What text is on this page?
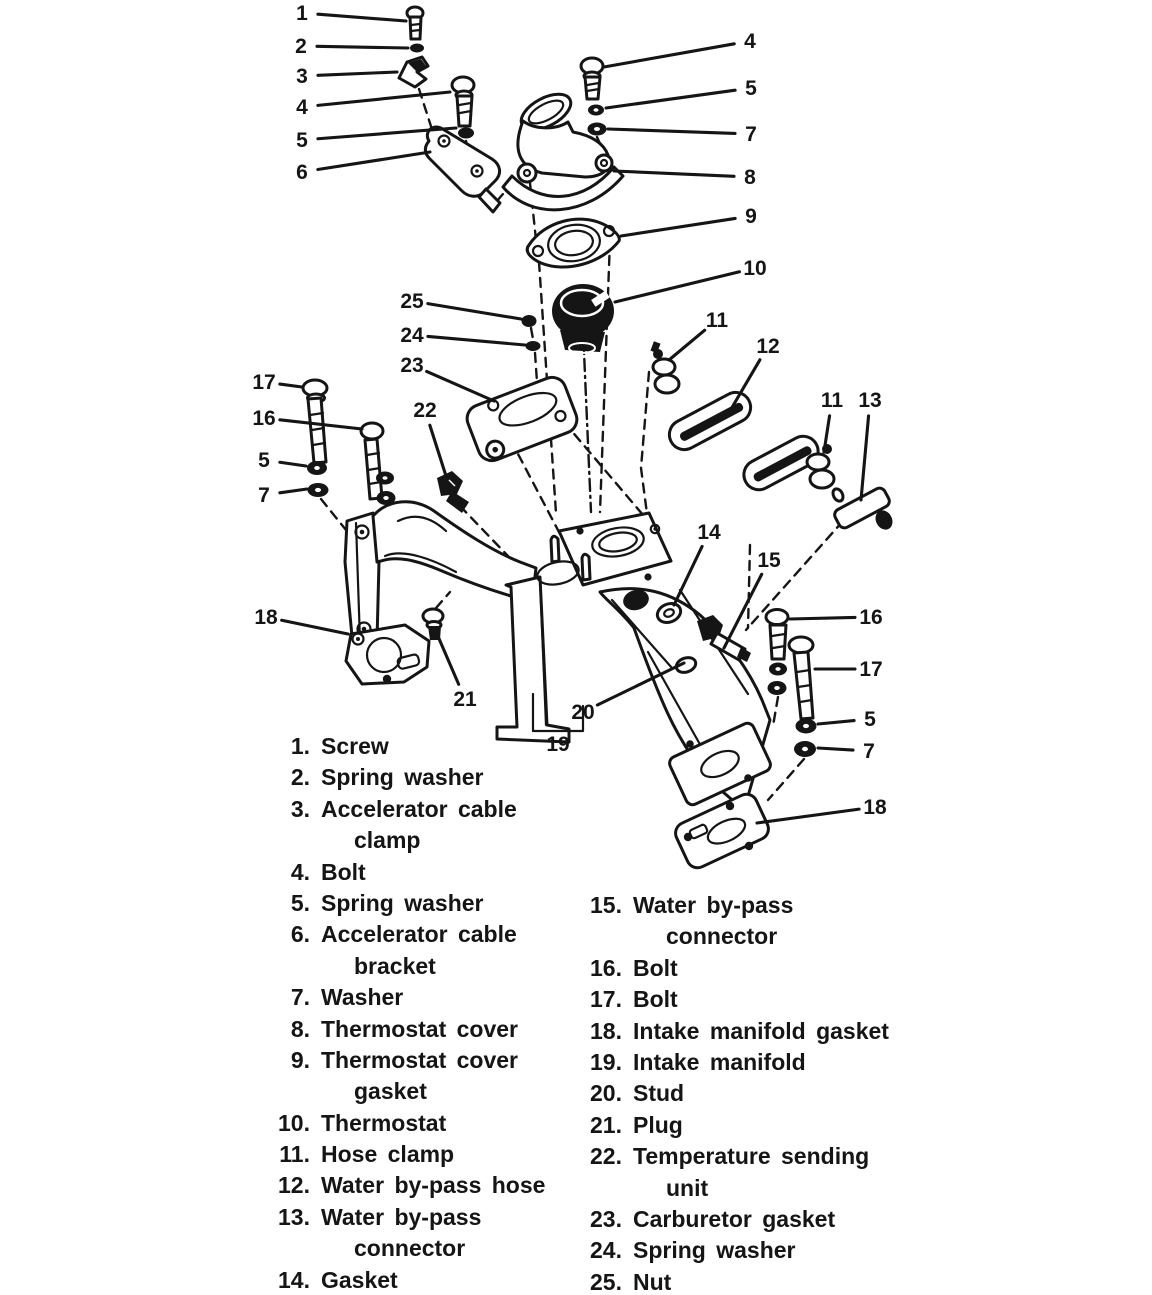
1
2
3
4
5
6
4
5
7
8
9
10
25
24
23
22
11
12
11 13
17
16
5
7
14
15
16
17
5
7
18
18
21
20
19
1. Screw
2. Spring washer
3. Accelerator cable
clamp
4. Bolt
5. Spring washer
6. Accelerator cable
bracket
7. Washer
8. Thermostat cover
9. Thermostat cover
gasket
10. Thermostat
11. Hose clamp
12. Water by-pass hose
13. Water by-pass
connector
14. Gasket
15. Water by-pass
connector
16. Bolt
17. Bolt
18. Intake manifold gasket
19. Intake manifold
20. Stud
21. Plug
22. Temperature sending
unit
23. Carburetor gasket
24. Spring washer
25. Nut
